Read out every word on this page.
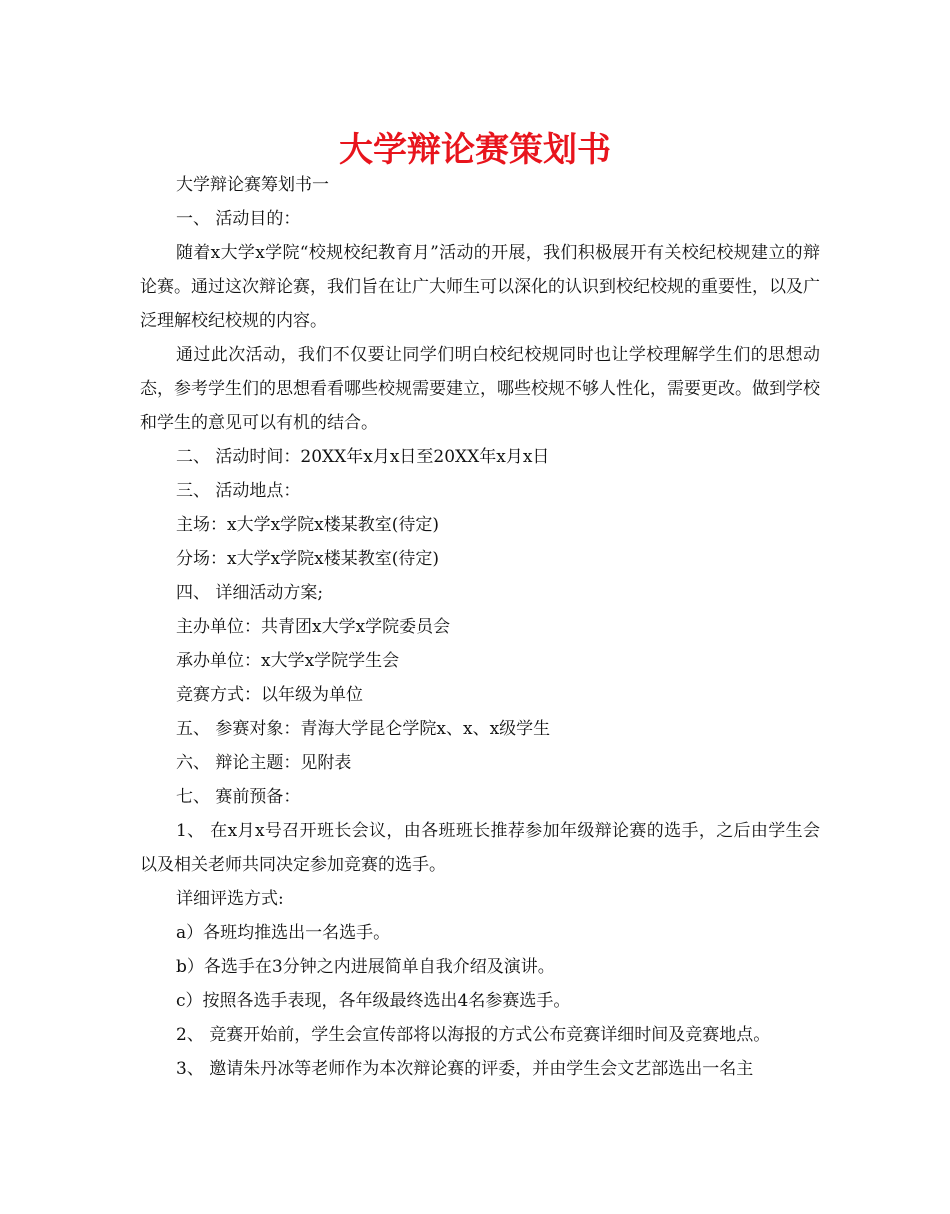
大学辩论赛策划书
大学辩论赛筹划书一
一、 活动目的：

随着x大学x学院“校规校纪教育月”活动的开展，我们积极展开有关校纪校规建立的辩论赛。通过这次辩论赛，我们旨在让广大师生可以深化的认识到校纪校规的重要性，以及广泛理解校纪校规的内容。

通过此次活动，我们不仅要让同学们明白校纪校规同时也让学校理解学生们的思想动态，参考学生们的思想看看哪些校规需要建立，哪些校规不够人性化，需要更改。做到学校和学生的意见可以有机的结合。

二、 活动时间：20XX年x月x日至20XX年x月x日
三、 活动地点：
主场：x大学x学院x楼某教室(待定)
分场：x大学x学院x楼某教室(待定)
四、 详细活动方案;
主办单位：共青团x大学x学院委员会
承办单位：x大学x学院学生会
竞赛方式：以年级为单位
五、 参赛对象：青海大学昆仑学院x、x、x级学生
六、 辩论主题：见附表
七、 赛前预备：

1、 在x月x号召开班长会议，由各班班长推荐参加年级辩论赛的选手，之后由学生会以及相关老师共同决定参加竞赛的选手。

详细评选方式:
a）各班均推选出一名选手。
b）各选手在3分钟之内进展简单自我介绍及演讲。
c）按照各选手表现，各年级最终选出4名参赛选手。
2、 竞赛开始前，学生会宣传部将以海报的方式公布竞赛详细时间及竞赛地点。
3、 邀请朱丹冰等老师作为本次辩论赛的评委，并由学生会文艺部选出一名主
